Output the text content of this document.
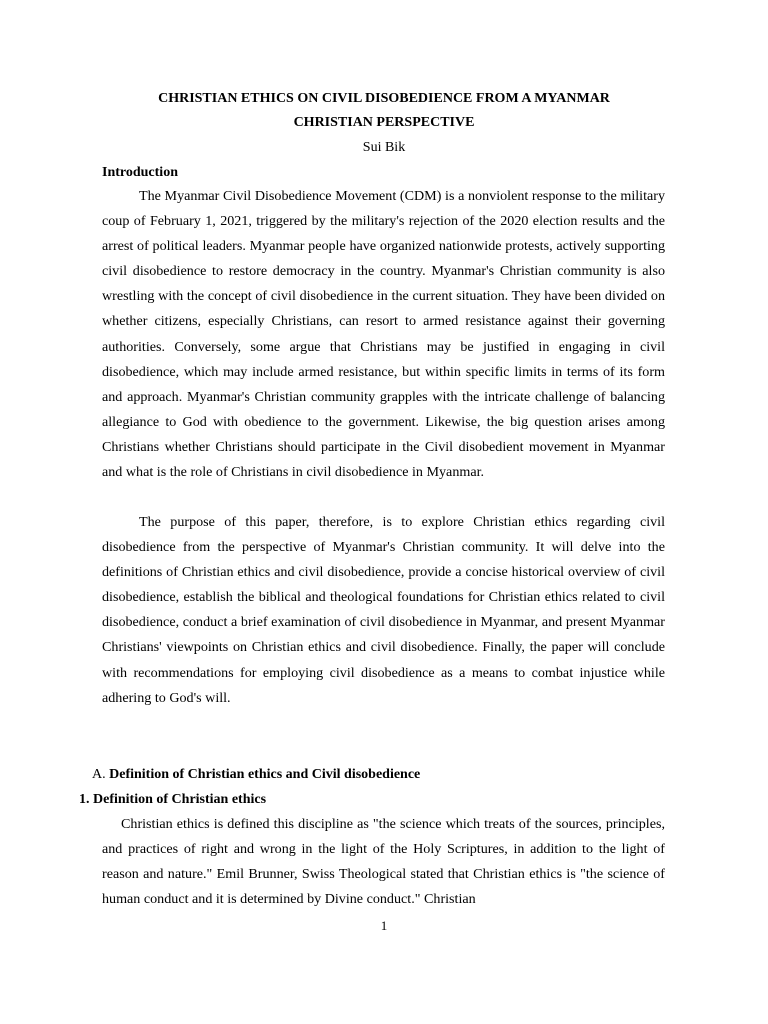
CHRISTIAN ETHICS ON CIVIL DISOBEDIENCE FROM A MYANMAR
CHRISTIAN PERSPECTIVE
Sui Bik
Introduction

The Myanmar Civil Disobedience Movement (CDM) is a nonviolent response to the military coup of February 1, 2021, triggered by the military's rejection of the 2020 election results and the arrest of political leaders. Myanmar people have organized nationwide protests, actively supporting civil disobedience to restore democracy in the country. Myanmar's Christian community is also wrestling with the concept of civil disobedience in the current situation. They have been divided on whether citizens, especially Christians, can resort to armed resistance against their governing authorities. Conversely, some argue that Christians may be justified in engaging in civil disobedience, which may include armed resistance, but within specific limits in terms of its form and approach. Myanmar's Christian community grapples with the intricate challenge of balancing allegiance to God with obedience to the government. Likewise, the big question arises among Christians whether Christians should participate in the Civil disobedient movement in Myanmar and what is the role of Christians in civil disobedience in Myanmar.

The purpose of this paper, therefore, is to explore Christian ethics regarding civil disobedience from the perspective of Myanmar's Christian community. It will delve into the definitions of Christian ethics and civil disobedience, provide a concise historical overview of civil disobedience, establish the biblical and theological foundations for Christian ethics related to civil disobedience, conduct a brief examination of civil disobedience in Myanmar, and present Myanmar Christians' viewpoints on Christian ethics and civil disobedience. Finally, the paper will conclude with recommendations for employing civil disobedience as a means to combat injustice while adhering to God's will.

A. Definition of Christian ethics and Civil disobedience
1. Definition of Christian ethics

Christian ethics is defined this discipline as "the science which treats of the sources, principles, and practices of right and wrong in the light of the Holy Scriptures, in addition to the light of reason and nature." Emil Brunner, Swiss Theological stated that Christian ethics is "the science of human conduct and it is determined by Divine conduct." Christian

1
